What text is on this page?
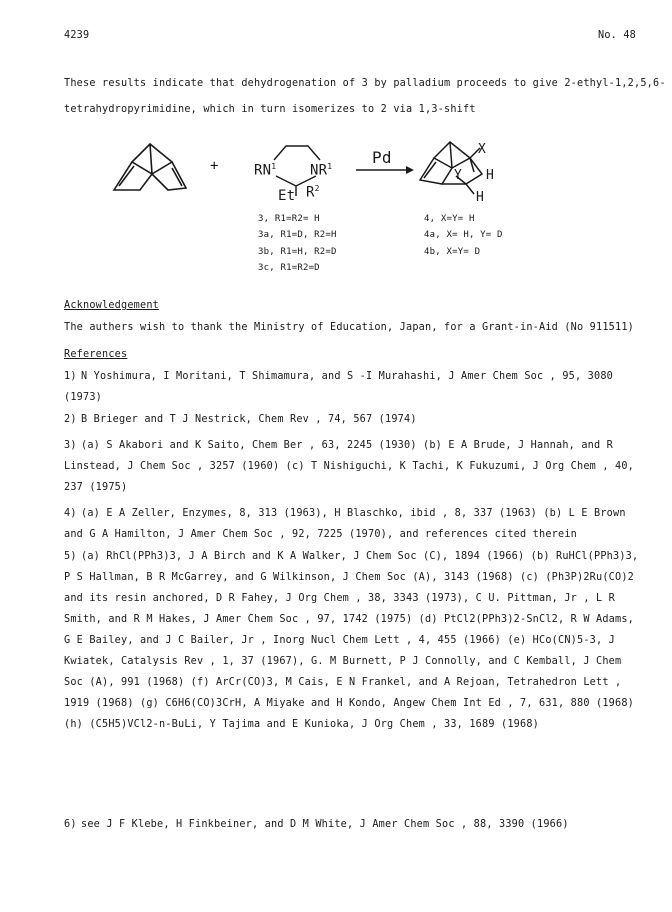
4239	No. 48
These results indicate that dehydrogenation of 3 by palladium proceeds to give 2-ethyl-1,2,5,6-
tetrahydropyrimidine, which in turn isomerizes to 2 via 1,3-shift
+	$RN^1$ $NR^1$
Et $R^2$
Pd	X
Y H
H
3, R1=R2= H
3a, R1=D, R2=H
3b, R1=H, R2=D
3c, R1=R2=D
4, X=Y= H
4a, X= H, Y= D
4b, X=Y= D
Acknowledgement
The authers wish to thank the Ministry of Education, Japan, for a Grant-in-Aid (No 911511)
References
1) N Yoshimura, I Moritani, T Shimamura, and S -I Murahashi, J Amer Chem Soc , 95, 3080 (1973)
2) B Brieger and T J Nestrick, Chem Rev , 74, 567 (1974)
3) (a) S Akabori and K Saito, Chem Ber , 63, 2245 (1930) (b) E A Brude, J Hannah, and R Linstead, J Chem Soc , 3257 (1960) (c) T Nishiguchi, K Tachi, K Fukuzumi, J Org Chem , 40, 237 (1975)
4) (a) E A Zeller, Enzymes, 8, 313 (1963), H Blaschko, ibid , 8, 337 (1963) (b) L E Brown and G A Hamilton, J Amer Chem Soc , 92, 7225 (1970), and references cited therein
5) (a) RhCl(PPh3)3, J A Birch and K A Walker, J Chem Soc (C), 1894 (1966) (b) RuHCl(PPh3)3, P S Hallman, B R McGarrey, and G Wilkinson, J Chem Soc (A), 3143 (1968) (c) (Ph3P)2Ru(CO)2 and its resin anchored, D R Fahey, J Org Chem , 38, 3343 (1973), C U. Pittman, Jr , L R Smith, and R M Hakes, J Amer Chem Soc , 97, 1742 (1975) (d) PtCl2(PPh3)2-SnCl2, R W Adams, G E Bailey, and J C Bailer, Jr , Inorg Nucl Chem Lett , 4, 455 (1966) (e) HCo(CN)5-3, J Kwiatek, Catalysis Rev , 1, 37 (1967), G. M Burnett, P J Connolly, and C Kemball, J Chem Soc (A), 991 (1968) (f) ArCr(CO)3, M Cais, E N Frankel, and A Rejoan, Tetrahedron Lett , 1919 (1968) (g) C6H6(CO)3CrH, A Miyake and H Kondo, Angew Chem Int Ed , 7, 631, 880 (1968) (h) (C5H5)VCl2-n-BuLi, Y Tajima and E Kunioka, J Org Chem , 33, 1689 (1968)
6) see J F Klebe, H Finkbeiner, and D M White, J Amer Chem Soc , 88, 3390 (1966)
